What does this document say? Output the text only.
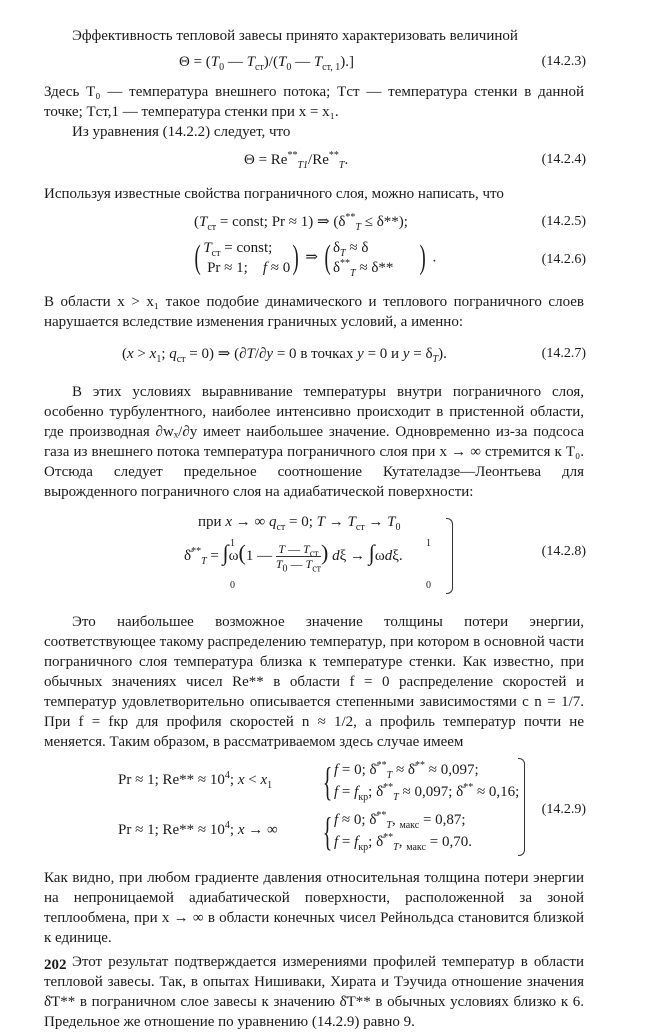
Эффективность тепловой завесы принято характеризовать величиной

$\Theta = (T_0$ — $T_{ст})/(T_0$ — $T_{ст, 1}$).]	(14.2.3)

Здесь T₀ — температура внешнего потока; Tст — температура стенки в данной точке; Tст,1 — температура стенки при x = x₁.

Из уравнения (14.2.2) следует, что

$\Theta = Re^{**}_{T1}/Re^{**}_T$.	(14.2.4)

Используя известные свойства пограничного слоя, можно написать, что

($T_{ст}$ = const; Pr ≈ 1) ⇒ $(\delta^{**}_T \le \delta**)$;	(14.2.5)
( $T_{ст}$ = const;
Pr ≈ 1;    f ≈ 0) ⇒ ( $\delta_T \approx \delta$
$\delta^{**}_T \approx \delta**$ ) .	(14.2.6)

В области x > x₁ такое подобие динамического и теплового пограничного слоев нарушается вследствие изменения граничных условий, а именно:

($x > x_1$; $q_{ст} = 0$) ⇒ (∂T/∂y = 0 в точках y = 0 и $y = \delta_T$).	(14.2.7)

В этих условиях выравнивание температуры внутри пограничного слоя, особенно турбулентного, наиболее интенсивно происходит в пристенной области, где производная ∂wₓ/∂y имеет наибольшее значение. Одновременно из-за подсоса газа из внешнего потока температура пограничного слоя при x → ∞ стремится к T₀. Отсюда следует предельное соотношение Кутателадзе—Леонтьева для вырожденного пограничного слоя на адиабатической поверхности:

при x → ∞ $q_{ст} = 0$; $T \to T_{ст} \to T_0$
$\deltā^{**}_T = \int\omega(1$ — T — $T_{ст}$
$T_0$ — $T_{ст}$) dξ → ∫ωdξ.
1
0
1
0
(14.2.8)

Это наибольшее возможное значение толщины потери энергии, соответствующее такому распределению температур, при котором в основной части пограничного слоя температура близка к температуре стенки. Как известно, при обычных значениях чисел Re** в области f = 0 распределение скоростей и температур удовлетворительно описывается степенными зависимостями с n = 1/7. При f = fкр для профиля скоростей n ≈ 1/2, а профиль температур почти не меняется. Таким образом, в рассматриваемом здесь случае имеем

Pr ≈ 1; $Re** \approx 10^4$; $x < x_1$ { f = 0; $\deltā^{**}_T$ ≈ δ̄** ≈ 0,097;
$f = f_{кр}$; $\deltā^{**}_T \approx 0,097$; δ̄** ≈ 0,16;
Pr ≈ 1; $Re** \approx 10^4$; x → ∞ { f ≈ 0; $\deltā^{**}_T$, $_{макс}$ = 0,87;
$f = f_{кр}$; $\deltā^{**}_T$, $_{макс}$ = 0,70.
(14.2.9)

Как видно, при любом градиенте давления относительная толщина потери энергии на непроницаемой адиабатической поверхности, расположенной за зоной теплообмена, при x → ∞ в области конечных чисел Рейнольдса становится близкой к единице.

Этот результат подтверждается измерениями профилей температур в области тепловой завесы. Так, в опытах Нишиваки, Хирата и Тэучида отношение значения δ̄T** в пограничном слое завесы к значению δ̄T** в обычных условиях близко к 6. Предельное же отношение по уравнению (14.2.9) равно 9.

202
